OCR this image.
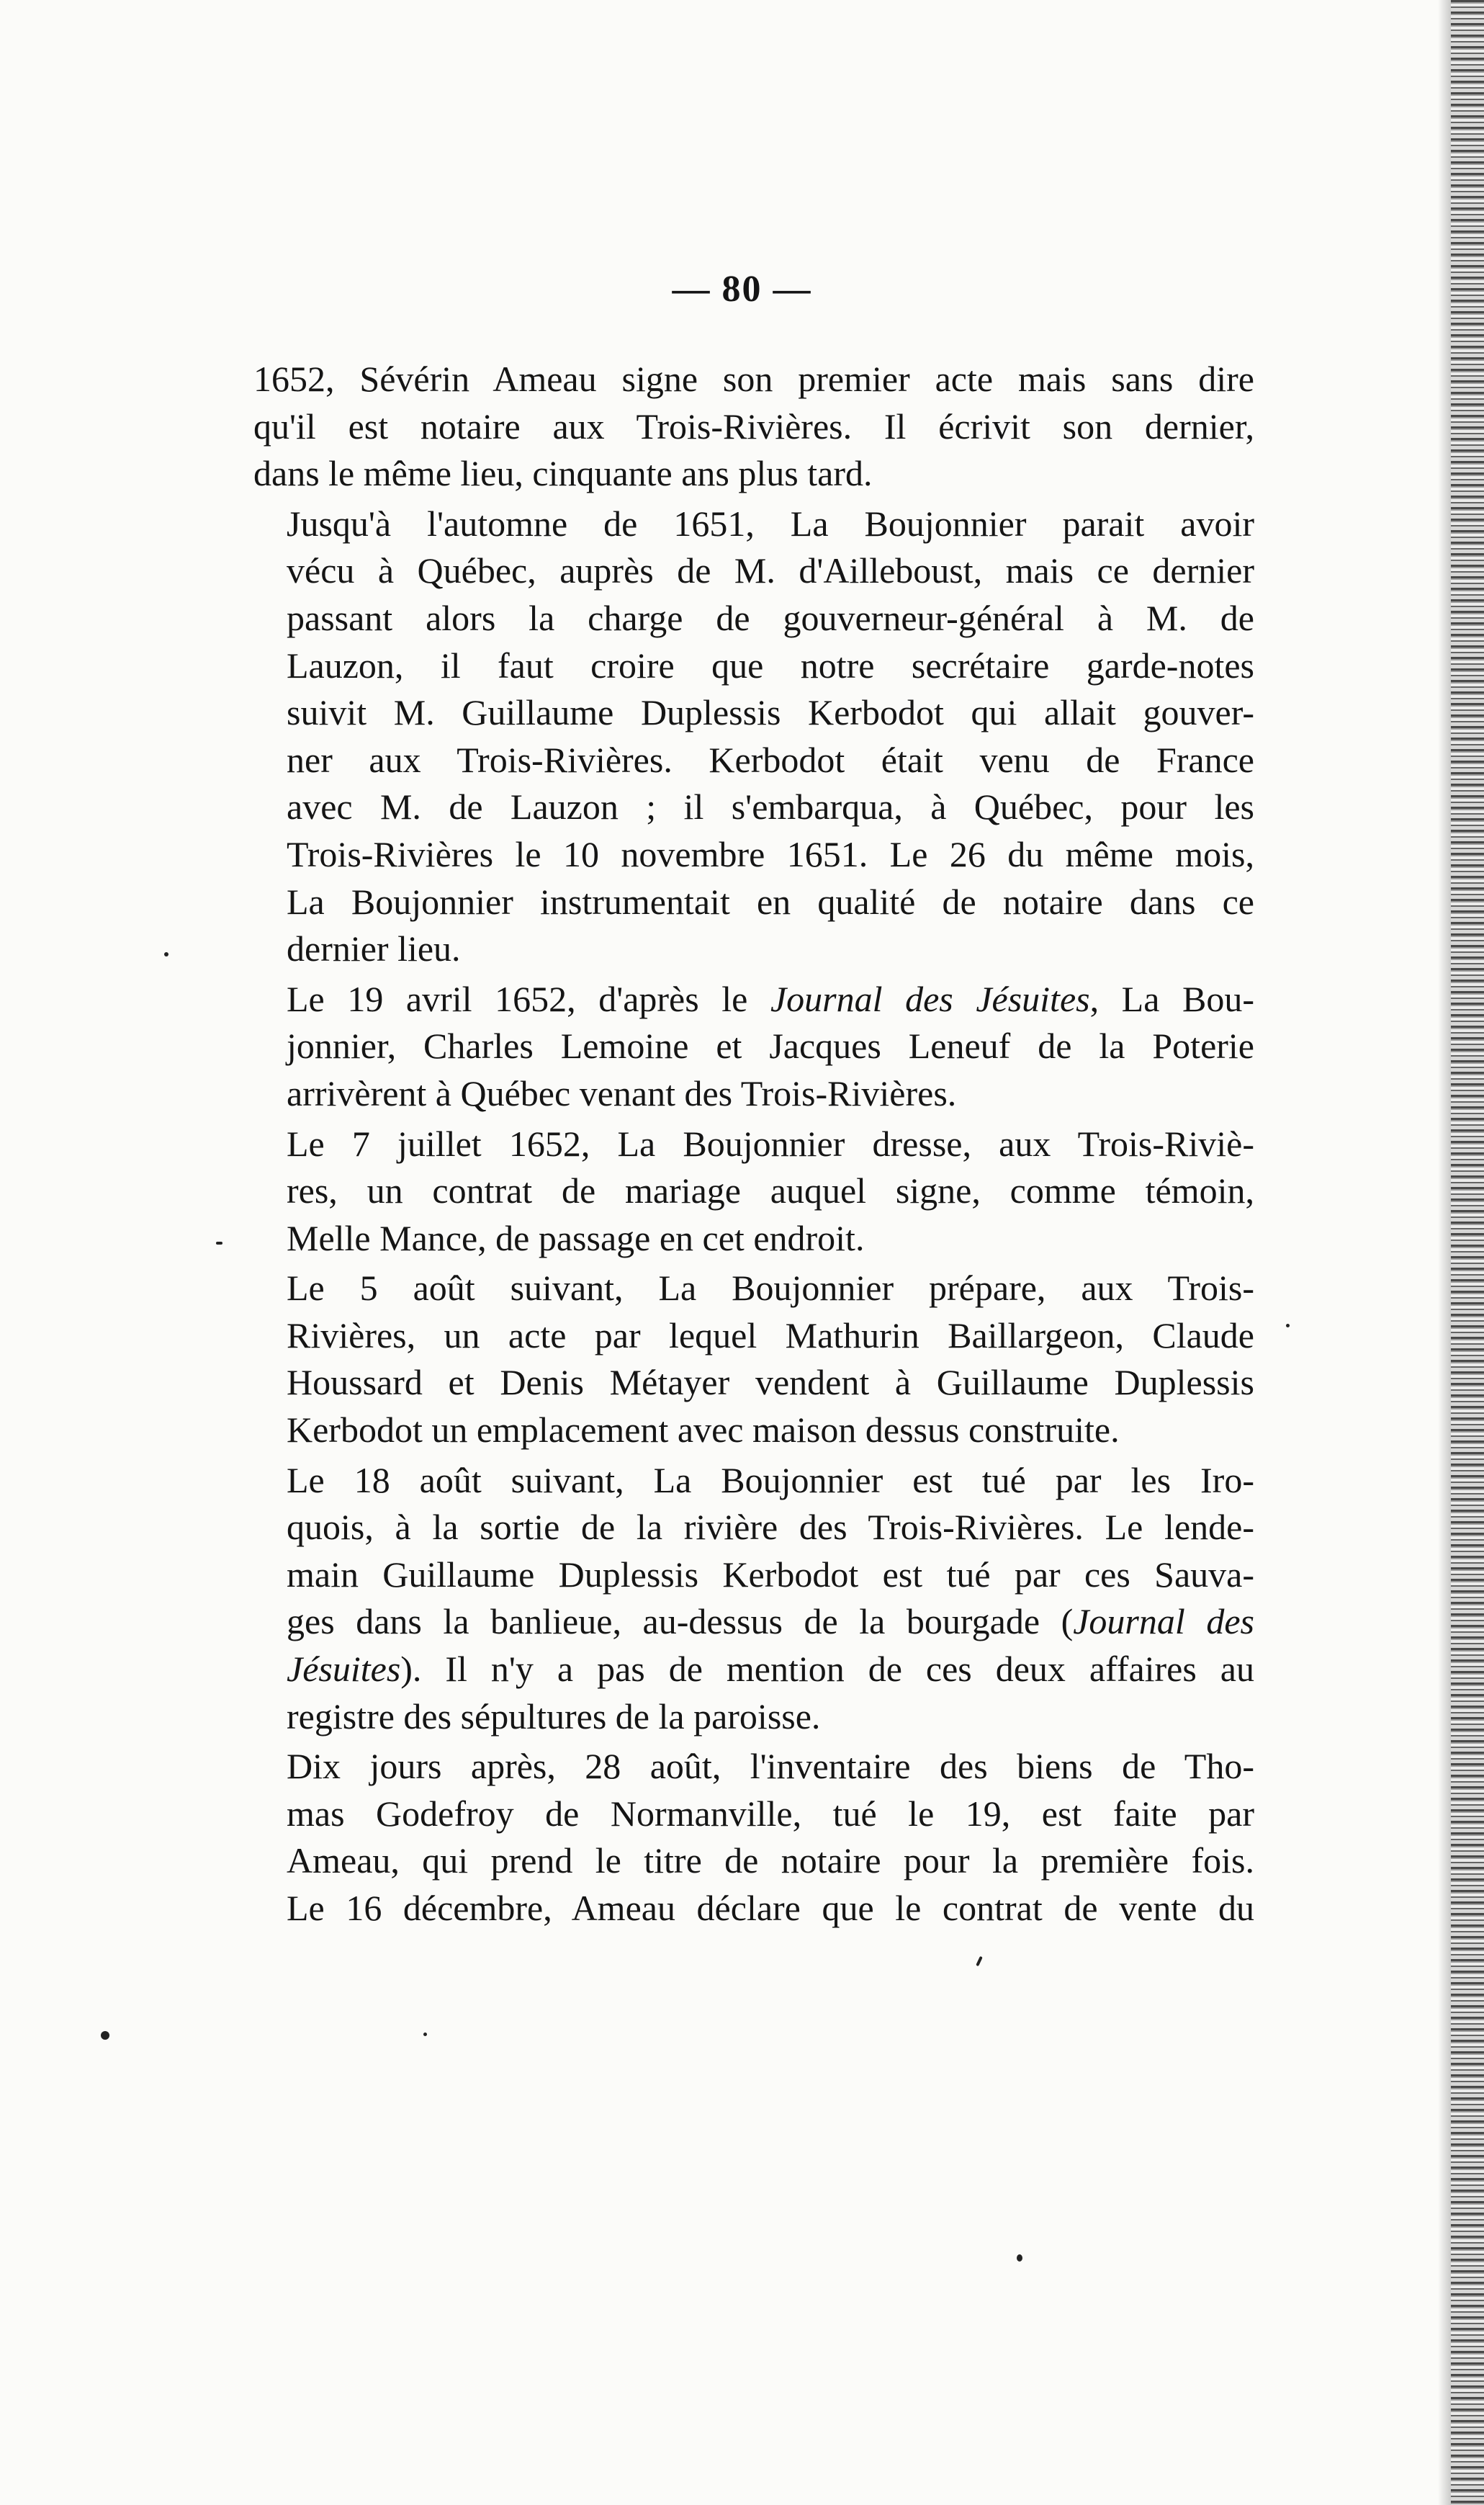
— 80 —

1652, Sévérin Ameau signe son premier acte mais sans dire
qu'il est notaire aux Trois-Rivières. Il écrivit son dernier,
dans le même lieu, cinquante ans plus tard.

Jusqu'à l'automne de 1651, La Boujonnier parait avoir
vécu à Québec, auprès de M. d'Ailleboust, mais ce dernier
passant alors la charge de gouverneur-général à M. de
Lauzon, il faut croire que notre secrétaire garde-notes
suivit M. Guillaume Duplessis Kerbodot qui allait gouver-
ner aux Trois-Rivières. Kerbodot était venu de France
avec M. de Lauzon ; il s'embarqua, à Québec, pour les
Trois-Rivières le 10 novembre 1651. Le 26 du même mois,
La Boujonnier instrumentait en qualité de notaire dans ce
dernier lieu.

Le 19 avril 1652, d'après le Journal des Jésuites, La Bou-
jonnier, Charles Lemoine et Jacques Leneuf de la Poterie
arrivèrent à Québec venant des Trois-Rivières.

Le 7 juillet 1652, La Boujonnier dresse, aux Trois-Riviè-
res, un contrat de mariage auquel signe, comme témoin,
Melle Mance, de passage en cet endroit.

Le 5 août suivant, La Boujonnier prépare, aux Trois-
Rivières, un acte par lequel Mathurin Baillargeon, Claude
Houssard et Denis Métayer vendent à Guillaume Duplessis
Kerbodot un emplacement avec maison dessus construite.

Le 18 août suivant, La Boujonnier est tué par les Iro-
quois, à la sortie de la rivière des Trois-Rivières. Le lende-
main Guillaume Duplessis Kerbodot est tué par ces Sauva-
ges dans la banlieue, au-dessus de la bourgade (Journal des
Jésuites). Il n'y a pas de mention de ces deux affaires au
registre des sépultures de la paroisse.

Dix jours après, 28 août, l'inventaire des biens de Tho-
mas Godefroy de Normanville, tué le 19, est faite par
Ameau, qui prend le titre de notaire pour la première fois.
Le 16 décembre, Ameau déclare que le contrat de vente du
